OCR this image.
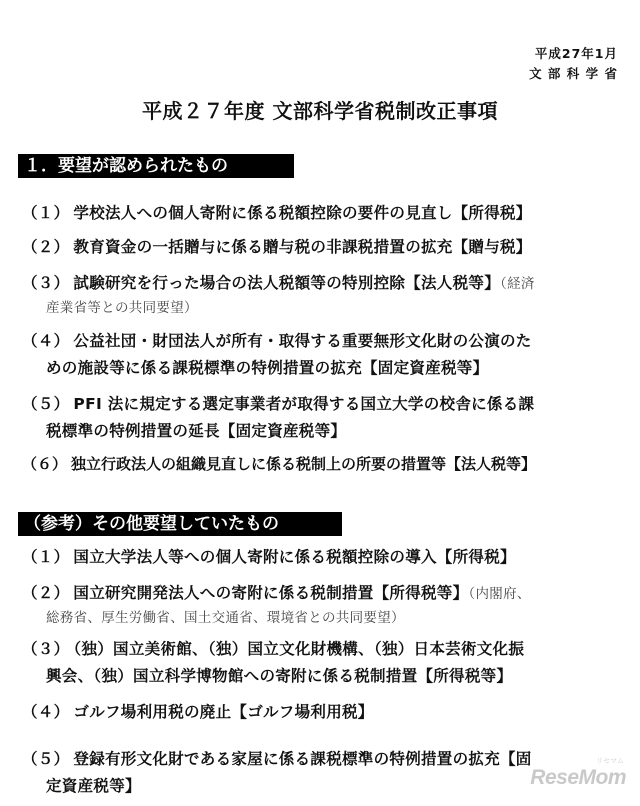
平成27年1月
文 部 科 学 省
平成２７年度 文部科学省税制改正事項
１．要望が認められたもの
（１） 学校法人への個人寄附に係る税額控除の要件の見直し【所得税】
（２） 教育資金の一括贈与に係る贈与税の非課税措置の拡充【贈与税】
（３） 試験研究を行った場合の法人税額等の特別控除【法人税等】（経済
産業省等との共同要望）
（４） 公益社団・財団法人が所有・取得する重要無形文化財の公演のた
めの施設等に係る課税標準の特例措置の拡充【固定資産税等】
（５） PFI 法に規定する選定事業者が取得する国立大学の校舎に係る課
税標準の特例措置の延長【固定資産税等】
（６） 独立行政法人の組織見直しに係る税制上の所要の措置等【法人税等】
（参考）その他要望していたもの
（１） 国立大学法人等への個人寄附に係る税額控除の導入【所得税】
（２） 国立研究開発法人への寄附に係る税制措置【所得税等】（内閣府、
総務省、厚生労働省、国土交通省、環境省との共同要望）
（３） （独）国立美術館、（独）国立文化財機構、（独）日本芸術文化振
興会、（独）国立科学博物館への寄附に係る税制措置【所得税等】
（４） ゴルフ場利用税の廃止【ゴルフ場利用税】
（５） 登録有形文化財である家屋に係る課税標準の特例措置の拡充【固
定資産税等】
リセマム
ReseMom
